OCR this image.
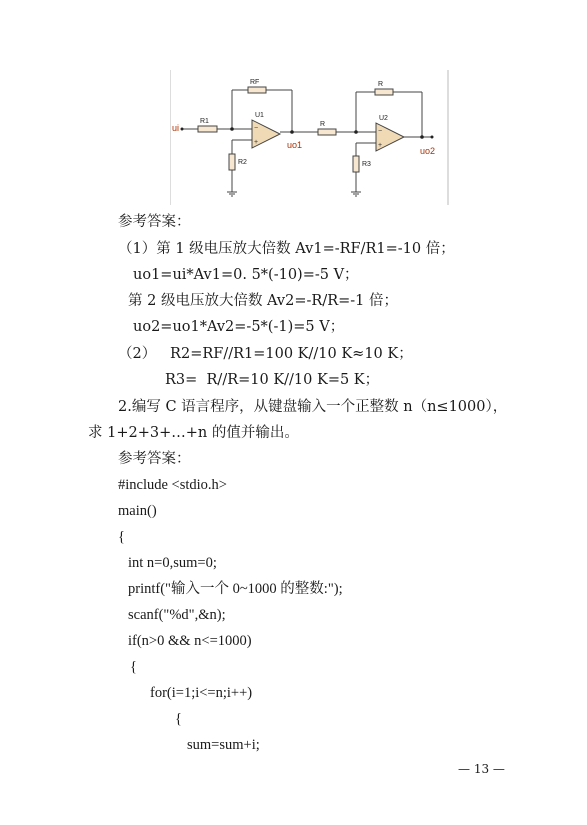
−
+
−
+
ui
R1
RF
U1
R2
uo1
R
R
U2
R3
uo2
参考答案：
（1）第 1 级电压放大倍数 Av1=-RF/R1=-10 倍；
uo1=ui*Av1=0. 5*(-10)=-5 V；
第 2 级电压放大倍数 Av2=-R/R=-1 倍；
uo2=uo1*Av2=-5*(-1)=5 V；
（2）   R2=RF//R1=100 K//10 K≈10 K；
R3=  R//R=10 K//10 K=5 K；
2.编写 C 语言程序，从键盘输入一个正整数 n（n≤1000），
求 1+2+3+…+n 的值并输出。
参考答案：
#include <stdio.h>
main()
{
int n=0,sum=0;
printf("输入一个 0~1000 的整数:");
scanf("%d",&n);
if(n>0 && n<=1000)
{
for(i=1;i<=n;i++)
{
sum=sum+i;
— 13 —
